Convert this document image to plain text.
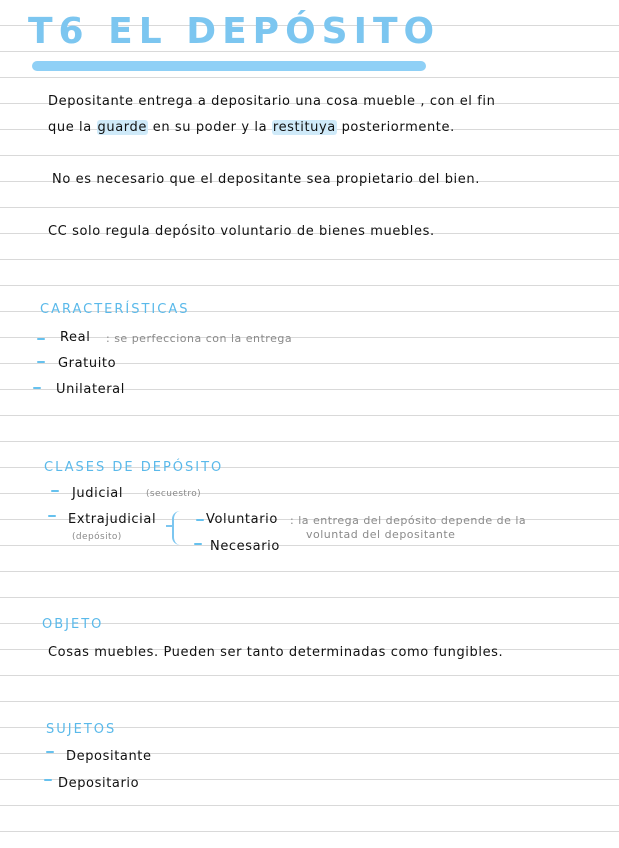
T6 EL DEPÓSITO
Depositante entrega a depositario una cosa mueble , con el fin
que la guarde en su poder y la restituya posteriormente.
No es necesario que el depositante sea propietario del bien.
CC solo regula depósito voluntario de bienes muebles.
CARACTERÍSTICAS
Real : se perfecciona con la entrega
Gratuito
Unilateral
CLASES DE DEPÓSITO
Judicial	(secuestro)
Extrajudicial
(depósito)
Voluntario : la entrega del depósito depende de la
voluntad del depositante
Necesario
OBJETO
Cosas muebles. Pueden ser tanto determinadas como fungibles.
SUJETOS
Depositante
Depositario
